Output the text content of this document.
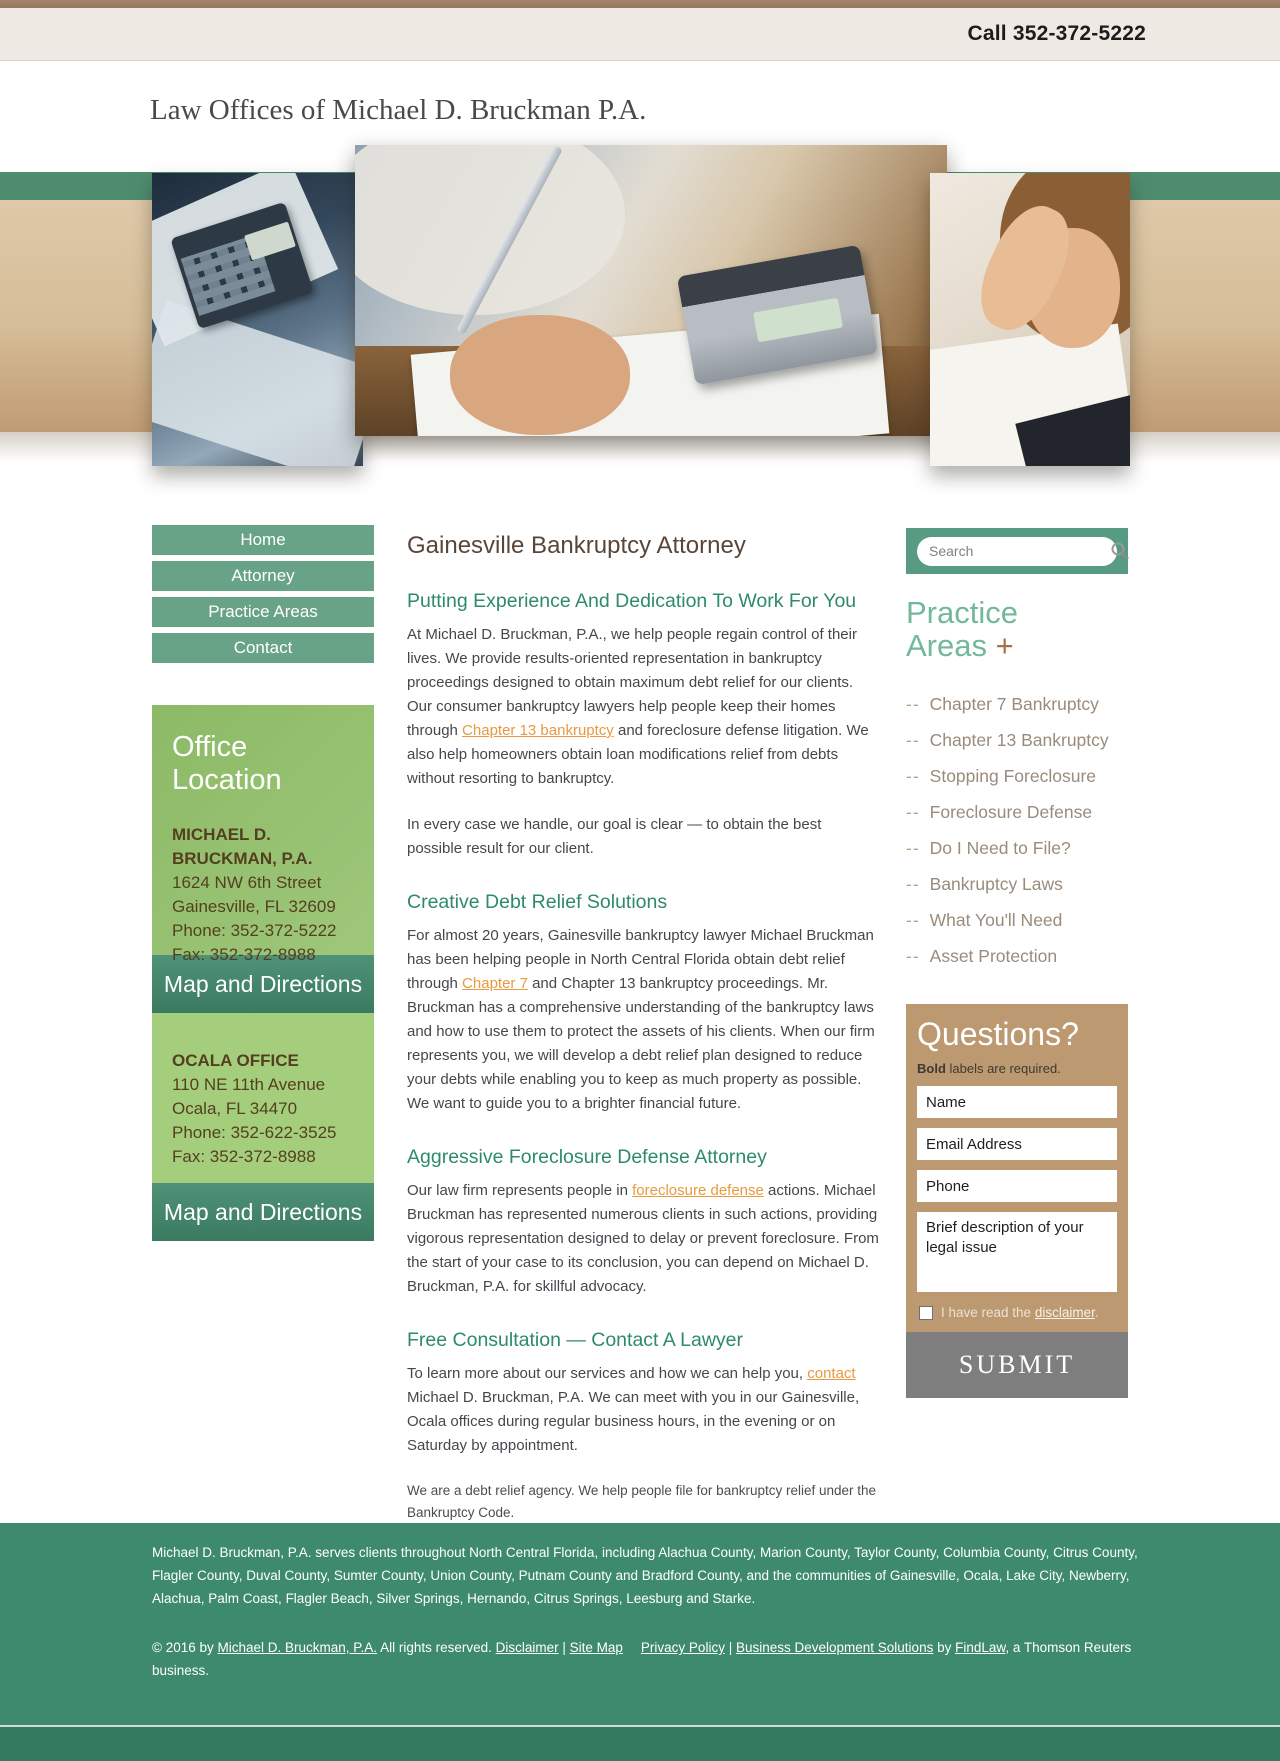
Call 352-372-5222
Law Offices of Michael D. Bruckman P.A.
Home
Attorney
Practice Areas
Contact
Office Location
MICHAEL D.
BRUCKMAN, P.A.
1624 NW 6th Street
Gainesville, FL 32609
Phone: 352-372-5222
Map and Directions
OCALA OFFICE
110 NE 11th Avenue
Ocala, FL 34470
Phone: 352-622-3525
Fax: 352-372-8988
Map and Directions
Gainesville Bankruptcy Attorney
Putting Experience And Dedication To Work For You

At Michael D. Bruckman, P.A., we help people regain control of their lives. We provide results-oriented representation in bankruptcy proceedings designed to obtain maximum debt relief for our clients. Our consumer bankruptcy lawyers help people keep their homes through Chapter 13 bankruptcy and foreclosure defense litigation. We also help homeowners obtain loan modifications relief from debts without resorting to bankruptcy.

In every case we handle, our goal is clear — to obtain the best possible result for our client.

Creative Debt Relief Solutions

For almost 20 years, Gainesville bankruptcy lawyer Michael Bruckman has been helping people in North Central Florida obtain debt relief through Chapter 7 and Chapter 13 bankruptcy proceedings. Mr. Bruckman has a comprehensive understanding of the bankruptcy laws and how to use them to protect the assets of his clients. When our firm represents you, we will develop a debt relief plan designed to reduce your debts while enabling you to keep as much property as possible. We want to guide you to a brighter financial future.

Aggressive Foreclosure Defense Attorney

Our law firm represents people in foreclosure defense actions. Michael Bruckman has represented numerous clients in such actions, providing vigorous representation designed to delay or prevent foreclosure. From the start of your case to its conclusion, you can depend on Michael D. Bruckman, P.A. for skillful advocacy.

Free Consultation — Contact A Lawyer

To learn more about our services and how we can help you, contact Michael D. Bruckman, P.A. We can meet with you in our Gainesville, Ocala offices during regular business hours, in the evening or on Saturday by appointment.

We are a debt relief agency. We help people file for bankruptcy relief under the Bankruptcy Code.

Search
Practice
Areas +
-- Chapter 7 Bankruptcy
-- Chapter 13 Bankruptcy
-- Stopping Foreclosure
-- Foreclosure Defense
-- Do I Need to File?
-- Bankruptcy Laws
-- What You'll Need
-- Asset Protection
Questions?
Bold labels are required.
Name Email Address Phone Brief description of your legal issue
I have read the disclaimer.
SUBMIT

Michael D. Bruckman, P.A. serves clients throughout North Central Florida, including Alachua County, Marion County, Taylor County, Columbia County, Citrus County, Flagler County, Duval County, Sumter County, Union County, Putnam County and Bradford County, and the communities of Gainesville, Ocala, Lake City, Newberry, Alachua, Palm Coast, Flagler Beach, Silver Springs, Hernando, Citrus Springs, Leesburg and Starke.

© 2016 by Michael D. Bruckman, P.A. All rights reserved. Disclaimer | Site Map Privacy Policy | Business Development Solutions by FindLaw, a Thomson Reuters business.
